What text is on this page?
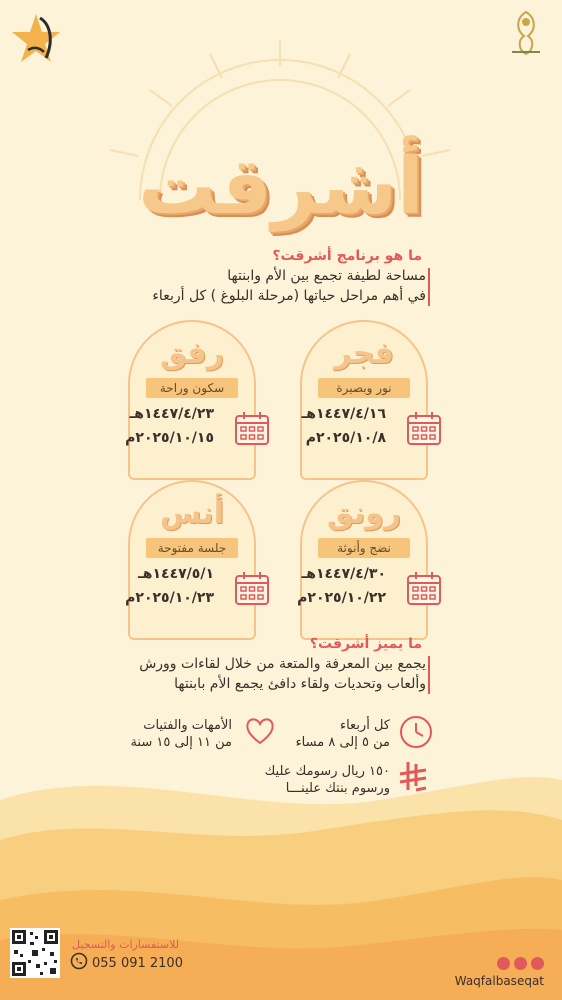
أشرقت
ما هو برنامج أشرقت؟
مساحة لطيفة تجمع بين الأم وابنتها
في أهم مراحل حياتها (مرحلة البلوغ ) كل أربعاء
فجر
نور وبصيرة
١٤٤٧/٤/١٦هـ
٢٠٢٥/١٠/٨م
رفق
سكون وراحة
١٤٤٧/٤/٢٣هـ
٢٠٢٥/١٠/١٥م
رونق
نضج وأنوثة
١٤٤٧/٤/٣٠هـ
٢٠٢٥/١٠/٢٢م
أنس
جلسة مفتوحة
١٤٤٧/٥/١هـ
٢٠٢٥/١٠/٢٣م
ما يميز أشرقت؟
يجمع بين المعرفة والمتعة من خلال لقاءات وورش
وألعاب وتحديات ولقاء دافئ يجمع الأم بابنتها
كل أربعاء
من ٥ إلى ٨ مساء
الأمهات والفتيات
من ١١ إلى ١٥ سنة
١٥٠ ريال رسومك عليك
ورسوم بنتك علينـــا
للاستفسارات والتسجيل
055 091 2100
Waqfalbaseqat
